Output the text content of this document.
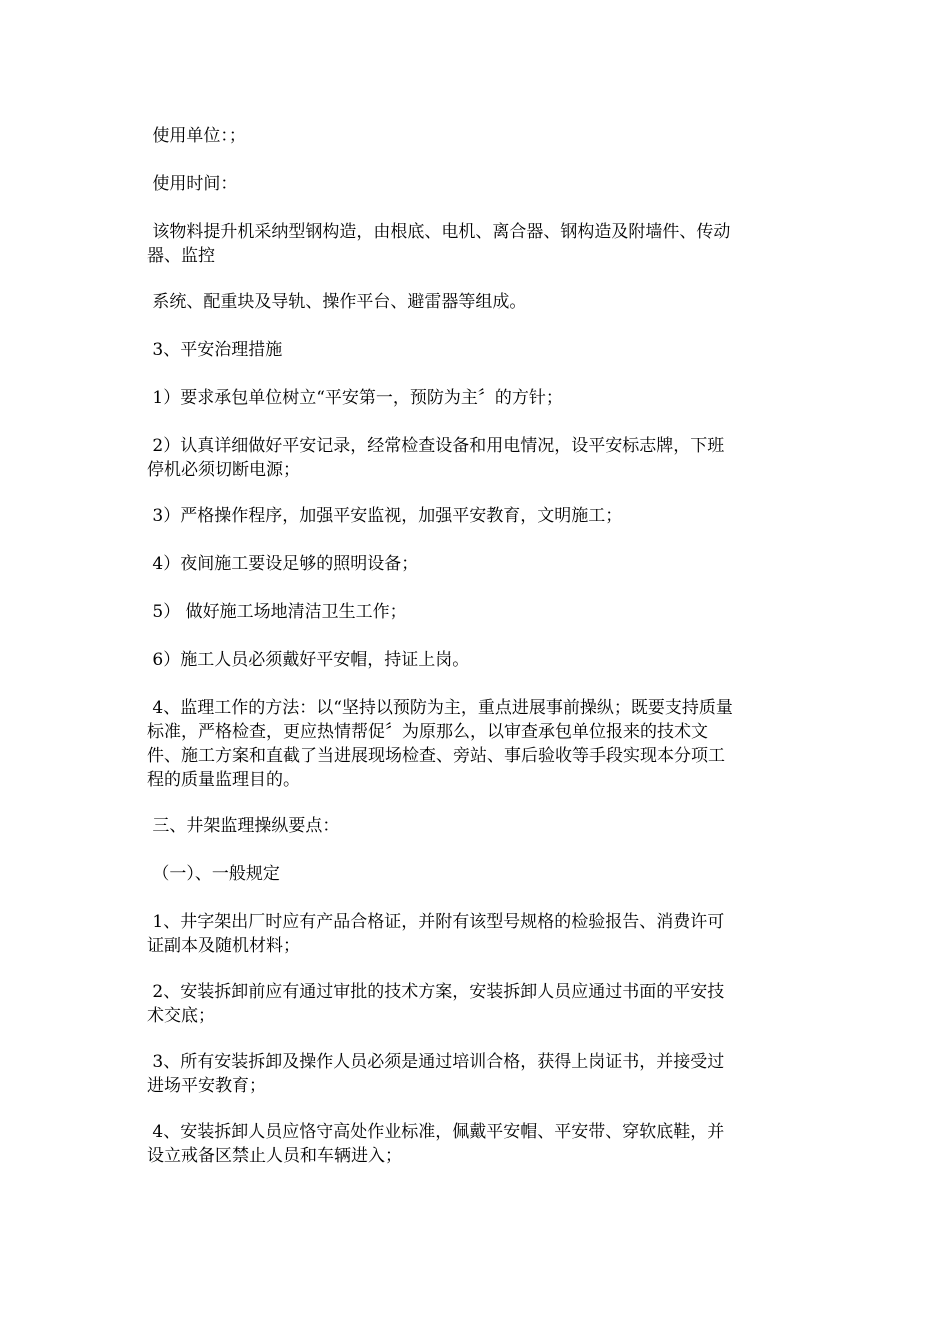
使用单位：；

使用时间：

该物料提升机采纳型钢构造，由根底、电机、离合器、钢构造及附墙件、传动
器、监控

系统、配重块及导轨、操作平台、避雷器等组成。

3、平安治理措施

1）要求承包单位树立“平安第一，预防为主〞的方针；

2）认真详细做好平安记录，经常检查设备和用电情况，设平安标志牌，下班
停机必须切断电源；

3）严格操作程序，加强平安监视，加强平安教育，文明施工；

4）夜间施工要设足够的照明设备；

5） 做好施工场地清洁卫生工作；

6）施工人员必须戴好平安帽，持证上岗。

4、监理工作的方法：以“坚持以预防为主，重点进展事前操纵；既要支持质量
标准，严格检查，更应热情帮促〞为原那么，以审查承包单位报来的技术文
件、施工方案和直截了当进展现场检查、旁站、事后验收等手段实现本分项工
程的质量监理目的。

三、井架监理操纵要点：

（一）、一般规定

1、井字架出厂时应有产品合格证，并附有该型号规格的检验报告、消费许可
证副本及随机材料；

2、安装拆卸前应有通过审批的技术方案，安装拆卸人员应通过书面的平安技
术交底；

3、所有安装拆卸及操作人员必须是通过培训合格，获得上岗证书，并接受过
进场平安教育；

4、安装拆卸人员应恪守高处作业标准，佩戴平安帽、平安带、穿软底鞋，并
设立戒备区禁止人员和车辆进入；
